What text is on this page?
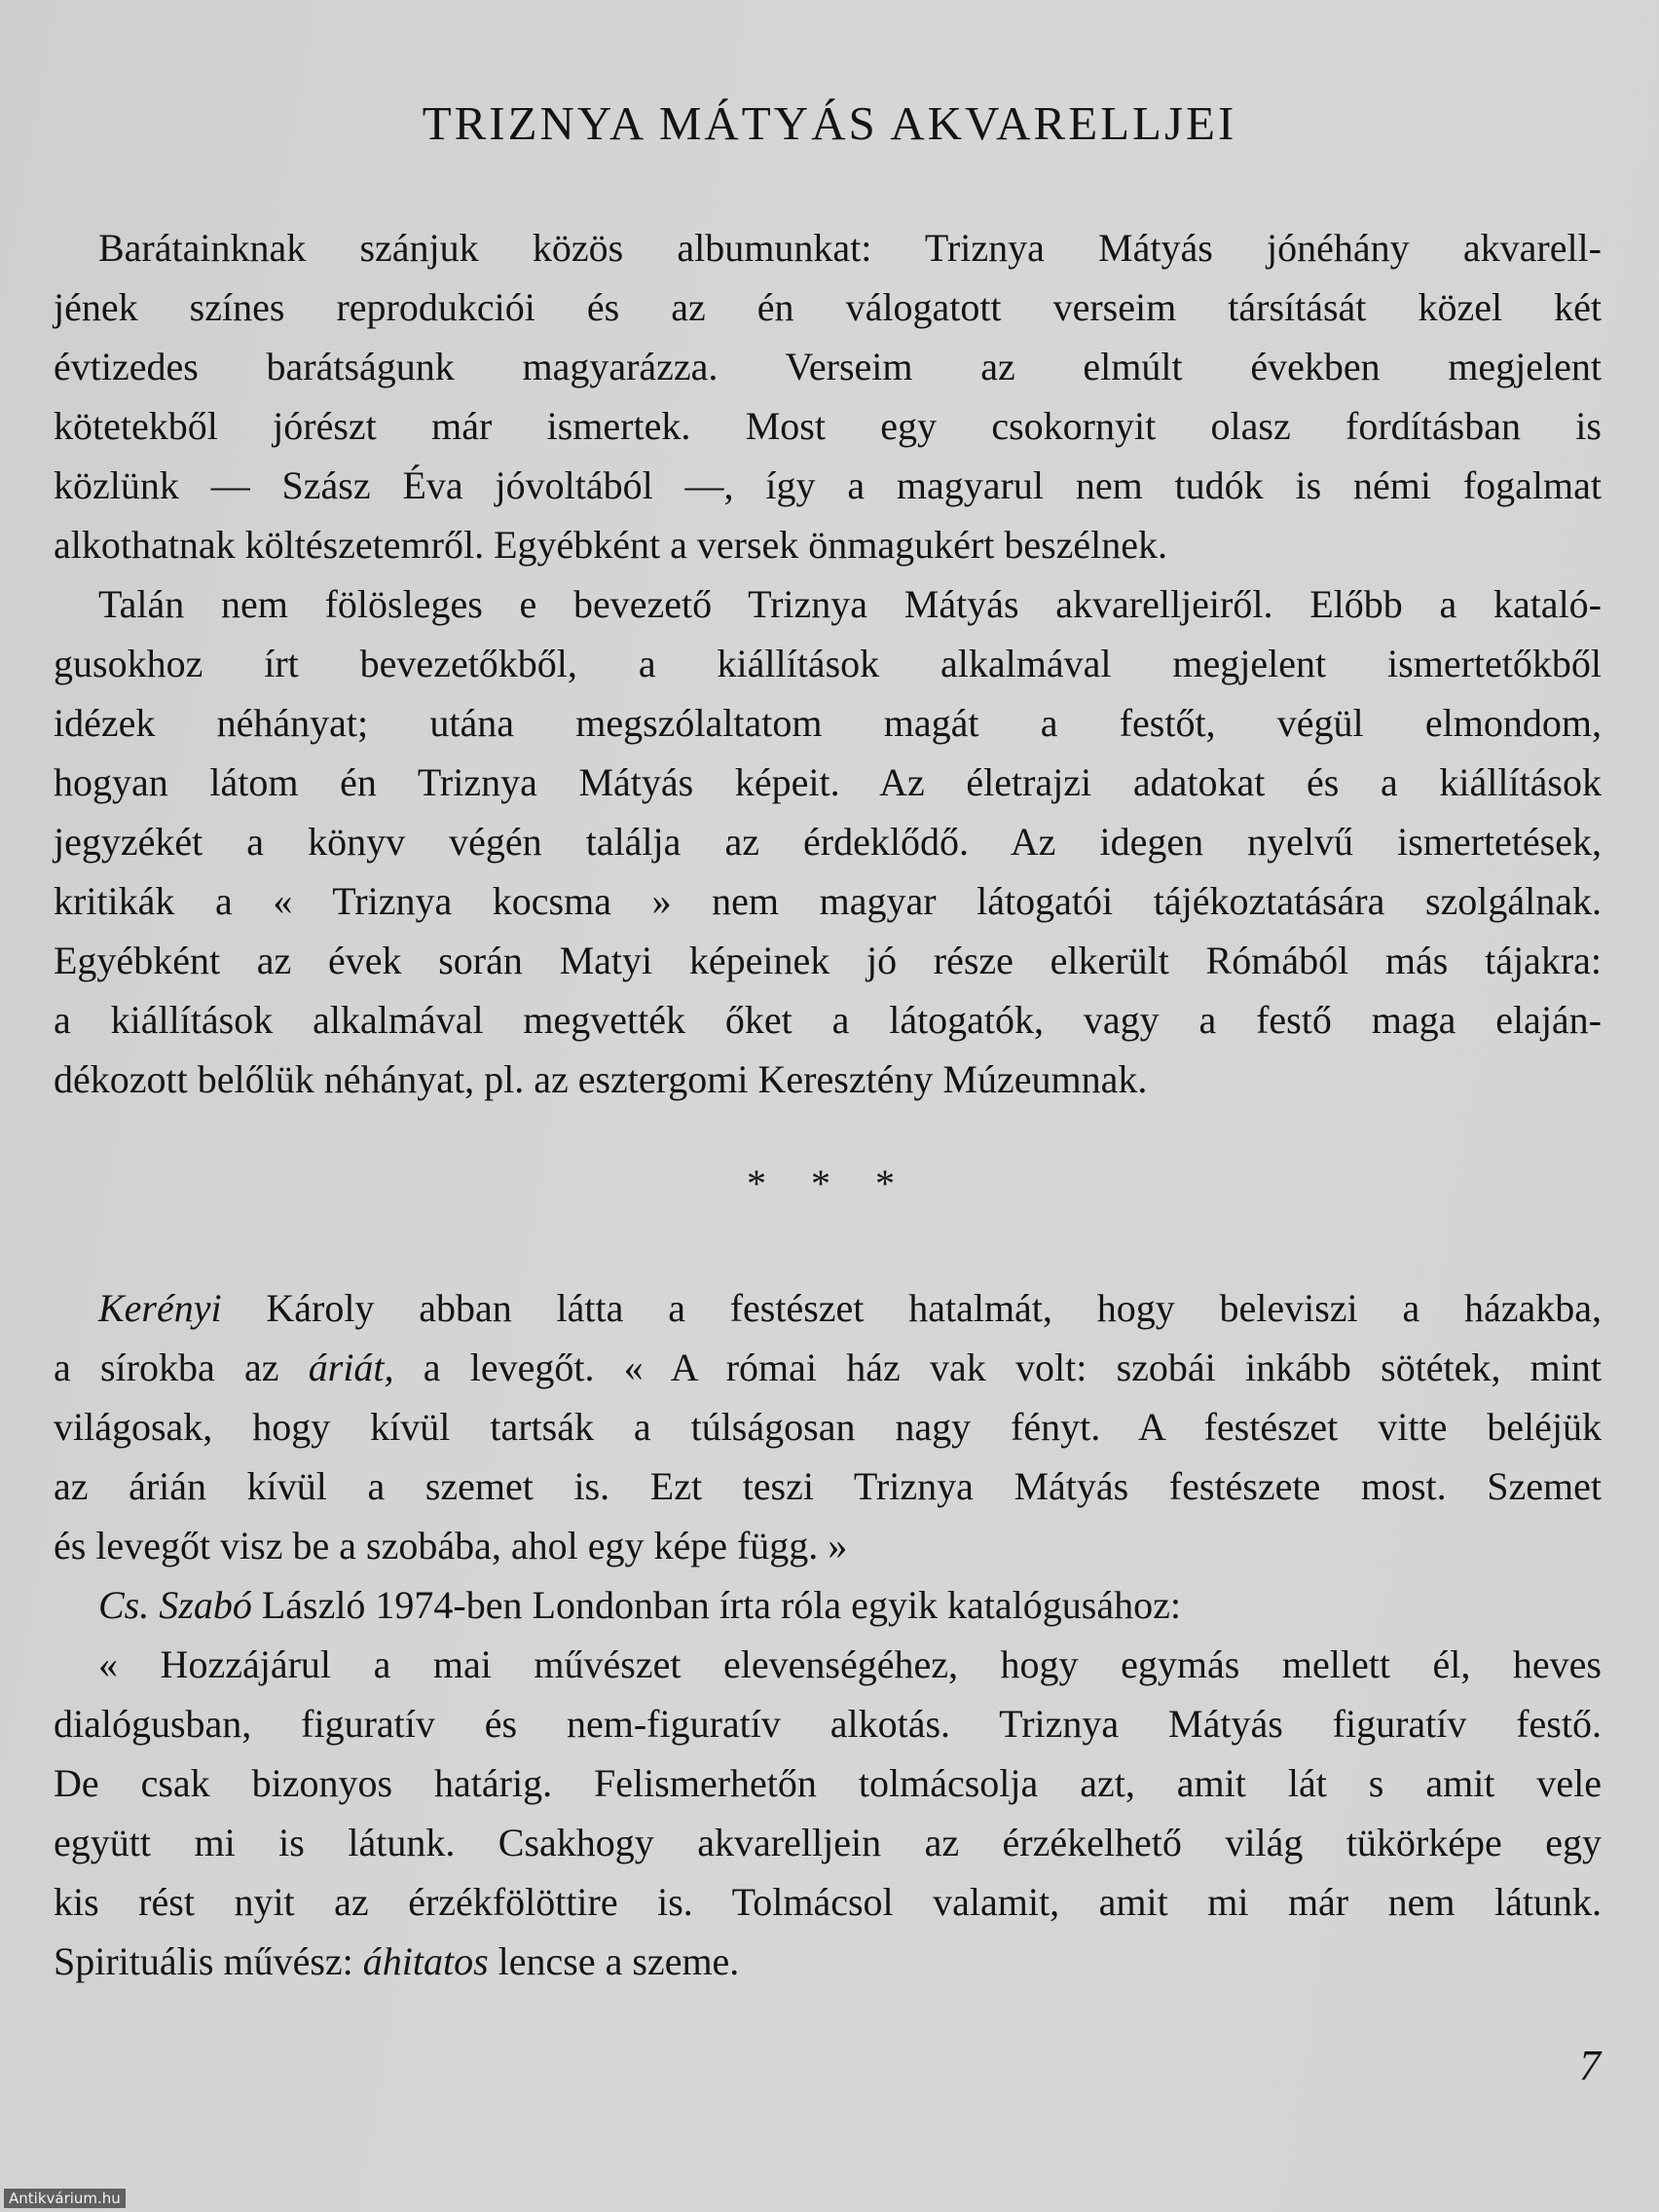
TRIZNYA MÁTYÁS AKVARELLJEI
Barátainknak szánjuk közös albumunkat: Triznya Mátyás jónéhány akvarell-
jének színes reprodukciói és az én válogatott verseim társítását közel két
évtizedes barátságunk magyarázza. Verseim az elmúlt években megjelent
kötetekből jórészt már ismertek. Most egy csokornyit olasz fordításban is
közlünk — Szász Éva jóvoltából —, így a magyarul nem tudók is némi fogalmat
alkothatnak költészetemről. Egyébként a versek önmagukért beszélnek.
Talán nem fölösleges e bevezető Triznya Mátyás akvarelljeiről. Előbb a kataló-
gusokhoz írt bevezetőkből, a kiállítások alkalmával megjelent ismertetőkből
idézek néhányat; utána megszólaltatom magát a festőt, végül elmondom,
hogyan látom én Triznya Mátyás képeit. Az életrajzi adatokat és a kiállítások
jegyzékét a könyv végén találja az érdeklődő. Az idegen nyelvű ismertetések,
kritikák a « Triznya kocsma » nem magyar látogatói tájékoztatására szolgálnak.
Egyébként az évek során Matyi képeinek jó része elkerült Rómából más tájakra:
a kiállítások alkalmával megvették őket a látogatók, vagy a festő maga elaján-
dékozott belőlük néhányat, pl. az esztergomi Keresztény Múzeumnak.
* * *
Kerényi Károly abban látta a festészet hatalmát, hogy beleviszi a házakba,
a sírokba az áriát, a levegőt. « A római ház vak volt: szobái inkább sötétek, mint
világosak, hogy kívül tartsák a túlságosan nagy fényt. A festészet vitte beléjük
az árián kívül a szemet is. Ezt teszi Triznya Mátyás festészete most. Szemet
és levegőt visz be a szobába, ahol egy képe függ. »
Cs. Szabó László 1974-ben Londonban írta róla egyik katalógusához:
« Hozzájárul a mai művészet elevenségéhez, hogy egymás mellett él, heves
dialógusban, figuratív és nem-figuratív alkotás. Triznya Mátyás figuratív festő.
De csak bizonyos határig. Felismerhetőn tolmácsolja azt, amit lát s amit vele
együtt mi is látunk. Csakhogy akvarelljein az érzékelhető világ tükörképe egy
kis rést nyit az érzékfölöttire is. Tolmácsol valamit, amit mi már nem látunk.
Spirituális művész: áhitatos lencse a szeme.
7
Antikvárium.hu
